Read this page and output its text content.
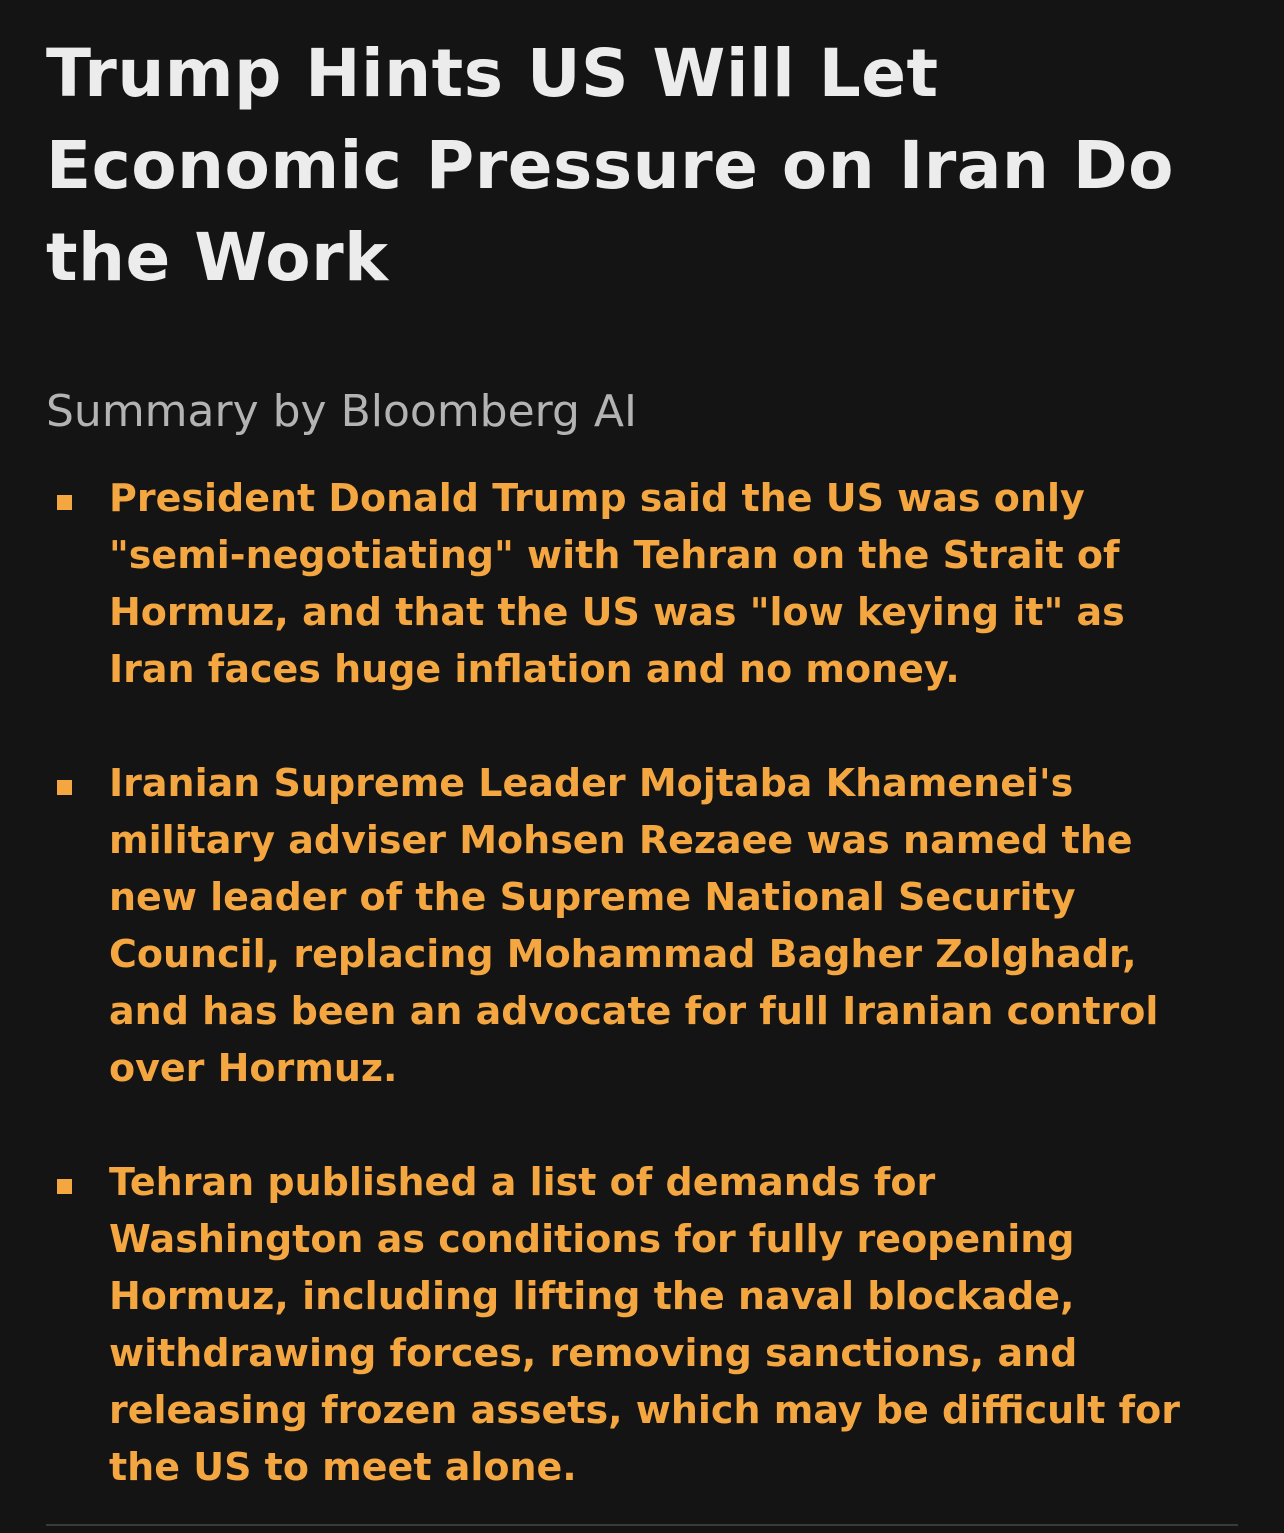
Trump Hints US Will Let Economic Pressure on Iran Do the Work
Summary by Bloomberg AI
President Donald Trump said the US was only "semi-negotiating" with Tehran on the Strait of Hormuz, and that the US was "low keying it" as Iran faces huge inflation and no money.
Iranian Supreme Leader Mojtaba Khamenei's military adviser Mohsen Rezaee was named the new leader of the Supreme National Security Council, replacing Mohammad Bagher Zolghadr, and has been an advocate for full Iranian control over Hormuz.
Tehran published a list of demands for Washington as conditions for fully reopening Hormuz, including lifting the naval blockade, withdrawing forces, removing sanctions, and releasing frozen assets, which may be difficult for the US to meet alone.
